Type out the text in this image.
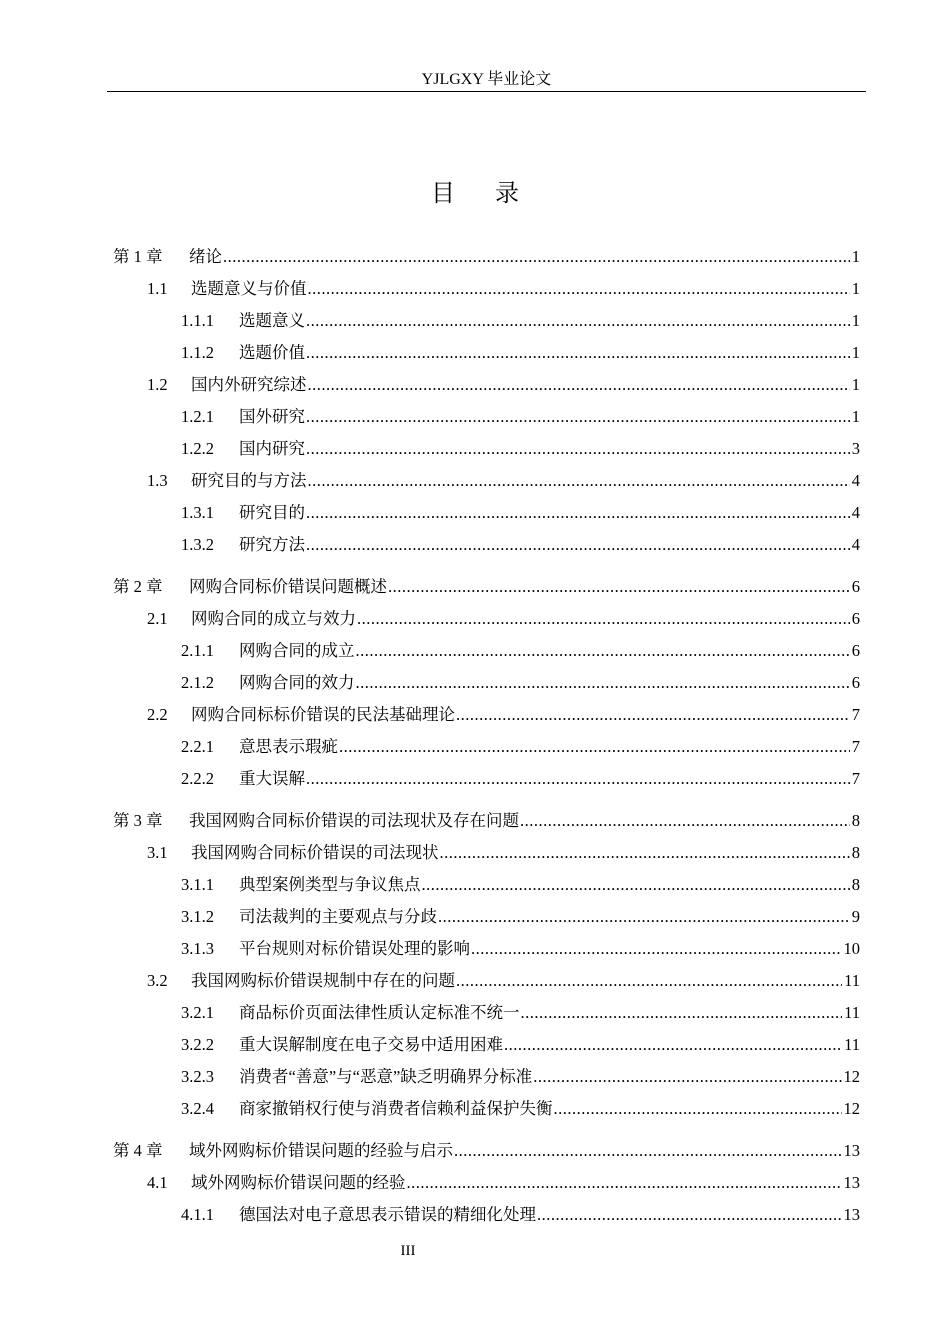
YJLGXY 毕业论文
目录
第 1 章	绪论 .....	1
1.1	选题意义与价值 .....	1
1.1.1	选题意义 .....	1
1.1.2	选题价值 .....	1
1.2	国内外研究综述 .....	1
1.2.1	国外研究 .....	1
1.2.2	国内研究 .....	3
1.3	研究目的与方法 .....	4
1.3.1	研究目的 .....	4
1.3.2	研究方法 .....	4
第 2 章	网购合同标价错误问题概述 .....	6
2.1	网购合同的成立与效力 .....	6
2.1.1	网购合同的成立 .....	6
2.1.2	网购合同的效力 .....	6
2.2	网购合同标标价错误的民法基础理论 .....	7
2.2.1	意思表示瑕疵 .....	7
2.2.2	重大误解 .....	7
第 3 章	我国网购合同标价错误的司法现状及存在问题 .....	8
3.1	我国网购合同标价错误的司法现状 .....	8
3.1.1	典型案例类型与争议焦点 .....	8
3.1.2	司法裁判的主要观点与分歧 .....	9
3.1.3	平台规则对标价错误处理的影响 .....	10
3.2	我国网购标价错误规制中存在的问题 .....	11
3.2.1	商品标价页面法律性质认定标准不统一 .....	11
3.2.2	重大误解制度在电子交易中适用困难 .....	11
3.2.3	消费者“善意”与“恶意”缺乏明确界分标准 .....	12
3.2.4	商家撤销权行使与消费者信赖利益保护失衡 .....	12
第 4 章	域外网购标价错误问题的经验与启示 .....	13
4.1	域外网购标价错误问题的经验 .....	13
4.1.1	德国法对电子意思表示错误的精细化处理 .....	13
III
